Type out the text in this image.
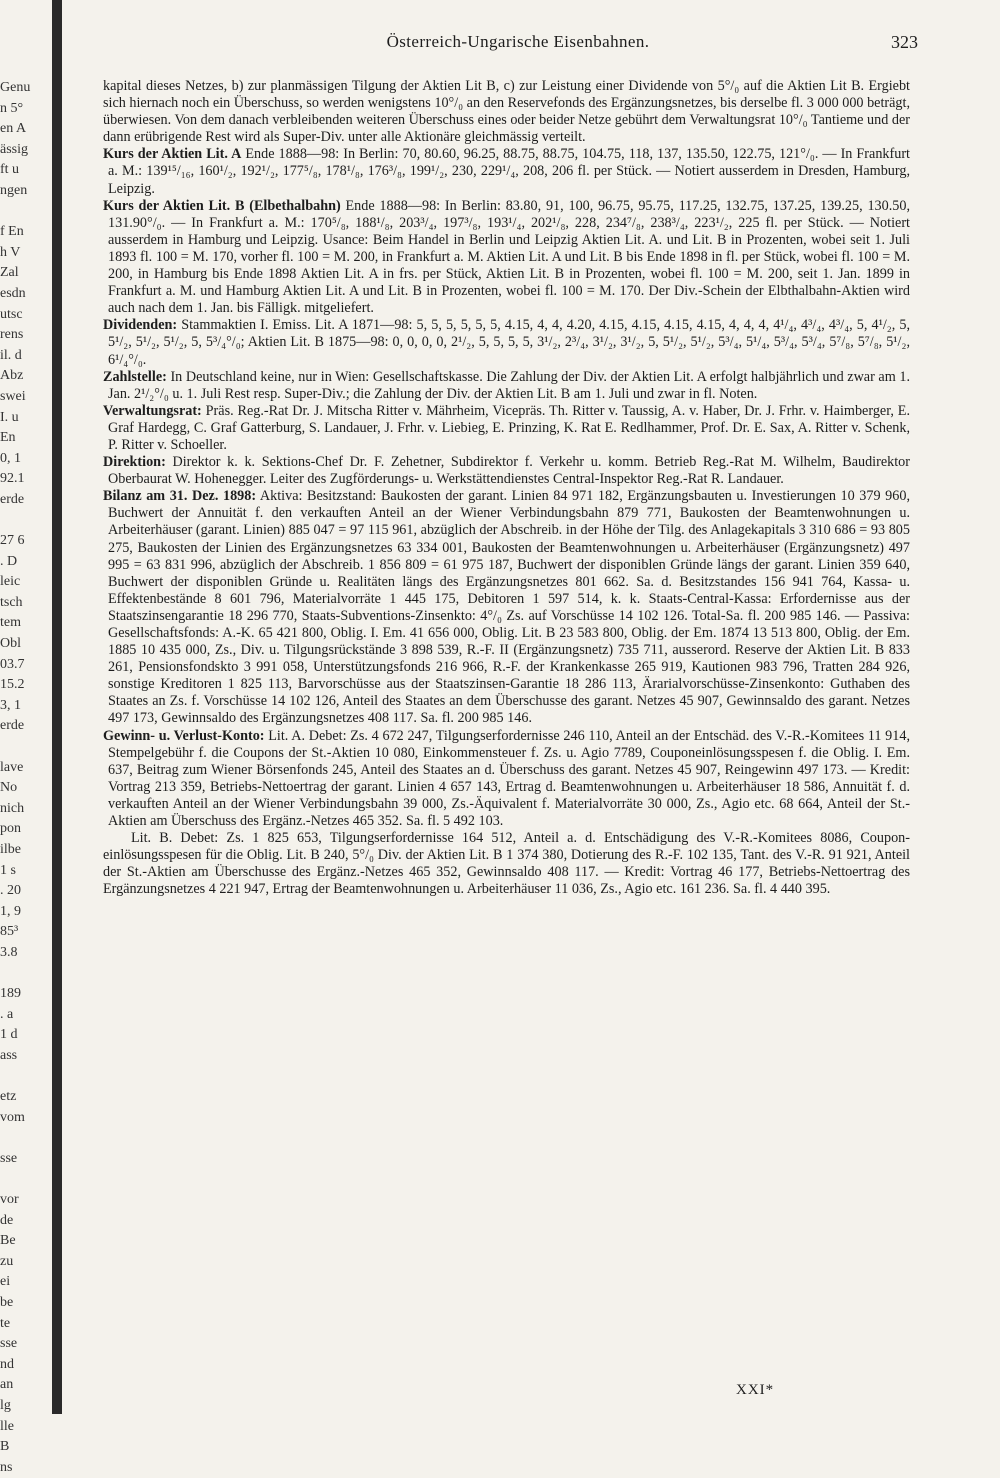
Genu
n 5°
en A
ässig
ft u
ngen
f En
h V
Zal
esdn
utsc
rens
il. d
Abz
swei
I. u
En
0, 1
92.1
erde
27 6
. D
leic
tsch
tem
Obl
03.7
15.2
3, 1
erde
lave
No
nich
pon
ilbe
1 s
. 20
1, 9
85³
3.8
189
. a
1 d
ass
etz
vom
sse
vor
de
Be
zu
ei
be
te
sse
nd
an
lg
lle
B
ns
Österreich-Ungarische Eisenbahnen.	323

kapital dieses Netzes, b) zur planmässigen Tilgung der Aktien Lit B, c) zur Leistung einer Dividende von 5°/₀ auf die Aktien Lit B. Ergiebt sich hiernach noch ein Überschuss, so werden wenigstens 10°/₀ an den Reservefonds des Ergänzungsnetzes, bis derselbe fl. 3 000 000 beträgt, überwiesen. Von dem danach verbleibenden weiteren Überschuss eines oder beider Netze gebührt dem Verwaltungsrat 10°/₀ Tantieme und der dann erübrigende Rest wird als Super-Div. unter alle Aktionäre gleichmässig verteilt.

Kurs der Aktien Lit. A Ende 1888—98: In Berlin: 70, 80.60, 96.25, 88.75, 88.75, 104.75, 118, 137, 135.50, 122.75, 121°/₀. — In Frankfurt a. M.: 139¹⁵/₁₆, 160¹/₂, 192¹/₂, 177⁵/₈, 178¹/₈, 176³/₈, 199¹/₂, 230, 229¹/₄, 208, 206 fl. per Stück. — Notiert ausserdem in Dresden, Hamburg, Leipzig.

Kurs der Aktien Lit. B (Elbethalbahn) Ende 1888—98: In Berlin: 83.80, 91, 100, 96.75, 95.75, 117.25, 132.75, 137.25, 139.25, 130.50, 131.90°/₀. — In Frankfurt a. M.: 170⁵/₈, 188¹/₈, 203³/₄, 197³/₈, 193¹/₄, 202¹/₈, 228, 234⁷/₈, 238³/₄, 223¹/₂, 225 fl. per Stück. — Notiert ausserdem in Hamburg und Leipzig. Usance: Beim Handel in Berlin und Leipzig Aktien Lit. A. und Lit. B in Prozenten, wobei seit 1. Juli 1893 fl. 100 = M. 170, vorher fl. 100 = M. 200, in Frankfurt a. M. Aktien Lit. A und Lit. B bis Ende 1898 in fl. per Stück, wobei fl. 100 = M. 200, in Hamburg bis Ende 1898 Aktien Lit. A in frs. per Stück, Aktien Lit. B in Prozenten, wobei fl. 100 = M. 200, seit 1. Jan. 1899 in Frankfurt a. M. und Hamburg Aktien Lit. A und Lit. B in Prozenten, wobei fl. 100 = M. 170. Der Div.-Schein der Elbthalbahn-Aktien wird auch nach dem 1. Jan. bis Fälligk. mitgeliefert.

Dividenden: Stammaktien I. Emiss. Lit. A 1871—98: 5, 5, 5, 5, 5, 5, 4.15, 4, 4, 4.20, 4.15, 4.15, 4.15, 4.15, 4, 4, 4, 4¹/₄, 4³/₄, 4³/₄, 5, 4¹/₂, 5, 5¹/₂, 5¹/₂, 5¹/₂, 5, 5³/₄°/₀; Aktien Lit. B 1875—98: 0, 0, 0, 0, 2¹/₂, 5, 5, 5, 5, 3¹/₂, 2³/₄, 3¹/₂, 3¹/₂, 5, 5¹/₂, 5¹/₂, 5³/₄, 5¹/₄, 5³/₄, 5³/₄, 5⁷/₈, 5⁷/₈, 5¹/₂, 6¹/₄°/₀.

Zahlstelle: In Deutschland keine, nur in Wien: Gesellschaftskasse. Die Zahlung der Div. der Aktien Lit. A erfolgt halbjährlich und zwar am 1. Jan. 2¹/₂°/₀ u. 1. Juli Rest resp. Super-Div.; die Zahlung der Div. der Aktien Lit. B am 1. Juli und zwar in fl. Noten.

Verwaltungsrat: Präs. Reg.-Rat Dr. J. Mitscha Ritter v. Mährheim, Vicepräs. Th. Ritter v. Taussig, A. v. Haber, Dr. J. Frhr. v. Haimberger, E. Graf Hardegg, C. Graf Gatterburg, S. Landauer, J. Frhr. v. Liebieg, E. Prinzing, K. Rat E. Redlhammer, Prof. Dr. E. Sax, A. Ritter v. Schenk, P. Ritter v. Schoeller.

Direktion: Direktor k. k. Sektions-Chef Dr. F. Zehetner, Subdirektor f. Verkehr u. komm. Betrieb Reg.-Rat M. Wilhelm, Baudirektor Oberbaurat W. Hohenegger. Leiter des Zugförderungs- u. Werkstättendienstes Central-Inspektor Reg.-Rat R. Landauer.

Bilanz am 31. Dez. 1898: Aktiva: Besitzstand: Baukosten der garant. Linien 84 971 182, Ergänzungsbauten u. Investierungen 10 379 960, Buchwert der Annuität f. den verkauften Anteil an der Wiener Verbindungsbahn 879 771, Baukosten der Beamtenwohnungen u. Arbeiterhäuser (garant. Linien) 885 047 = 97 115 961, abzüglich der Abschreib. in der Höhe der Tilg. des Anlagekapitals 3 310 686 = 93 805 275, Baukosten der Linien des Ergänzungsnetzes 63 334 001, Baukosten der Beamtenwohnungen u. Arbeiterhäuser (Ergänzungsnetz) 497 995 = 63 831 996, abzüglich der Abschreib. 1 856 809 = 61 975 187, Buchwert der disponiblen Gründe längs der garant. Linien 359 640, Buchwert der disponiblen Gründe u. Realitäten längs des Ergänzungsnetzes 801 662. Sa. d. Besitzstandes 156 941 764, Kassa- u. Effektenbestände 8 601 796, Materialvorräte 1 445 175, Debitoren 1 597 514, k. k. Staats-Central-Kassa: Erfordernisse aus der Staatszinsengarantie 18 296 770, Staats-Subventions-Zinsenkto: 4°/₀ Zs. auf Vorschüsse 14 102 126. Total-Sa. fl. 200 985 146. — Passiva: Gesellschaftsfonds: A.-K. 65 421 800, Oblig. I. Em. 41 656 000, Oblig. Lit. B 23 583 800, Oblig. der Em. 1874 13 513 800, Oblig. der Em. 1885 10 435 000, Zs., Div. u. Tilgungsrückstände 3 898 539, R.-F. II (Ergänzungsnetz) 735 711, ausserord. Reserve der Aktien Lit. B 833 261, Pensionsfondskto 3 991 058, Unterstützungsfonds 216 966, R.-F. der Krankenkasse 265 919, Kautionen 983 796, Tratten 284 926, sonstige Kreditoren 1 825 113, Barvorschüsse aus der Staatszinsen-Garantie 18 286 113, Ärarialvorschüsse-Zinsenkonto: Guthaben des Staates an Zs. f. Vorschüsse 14 102 126, Anteil des Staates an dem Überschusse des garant. Netzes 45 907, Gewinnsaldo des garant. Netzes 497 173, Gewinnsaldo des Ergänzungsnetzes 408 117. Sa. fl. 200 985 146.

Gewinn- u. Verlust-Konto: Lit. A. Debet: Zs. 4 672 247, Tilgungserfordernisse 246 110, Anteil an der Entschäd. des V.-R.-Komitees 11 914, Stempelgebühr f. die Coupons der St.-Aktien 10 080, Einkommensteuer f. Zs. u. Agio 7789, Couponeinlösungsspesen f. die Oblig. I. Em. 637, Beitrag zum Wiener Börsenfonds 245, Anteil des Staates an d. Überschuss des garant. Netzes 45 907, Reingewinn 497 173. — Kredit: Vortrag 213 359, Betriebs-Nettoertrag der garant. Linien 4 657 143, Ertrag d. Beamtenwohnungen u. Arbeiterhäuser 18 586, Annuität f. d. verkauften Anteil an der Wiener Verbindungsbahn 39 000, Zs.-Äquivalent f. Materialvorräte 30 000, Zs., Agio etc. 68 664, Anteil der St.-Aktien am Überschuss des Ergänz.-Netzes 465 352. Sa. fl. 5 492 103.

Lit. B. Debet: Zs. 1 825 653, Tilgungserfordernisse 164 512, Anteil a. d. Entschädigung des V.-R.-Komitees 8086, Couponeinlösungsspesen für die Oblig. Lit. B 240, 5°/₀ Div. der Aktien Lit. B 1 374 380, Dotierung des R.-F. 102 135, Tant. des V.-R. 91 921, Anteil der St.-Aktien am Überschusse des Ergänz.-Netzes 465 352, Gewinnsaldo 408 117. — Kredit: Vortrag 46 177, Betriebs-Nettoertrag des Ergänzungsnetzes 4 221 947, Ertrag der Beamtenwohnungen u. Arbeiterhäuser 11 036, Zs., Agio etc. 161 236. Sa. fl. 4 440 395.

XXI*
